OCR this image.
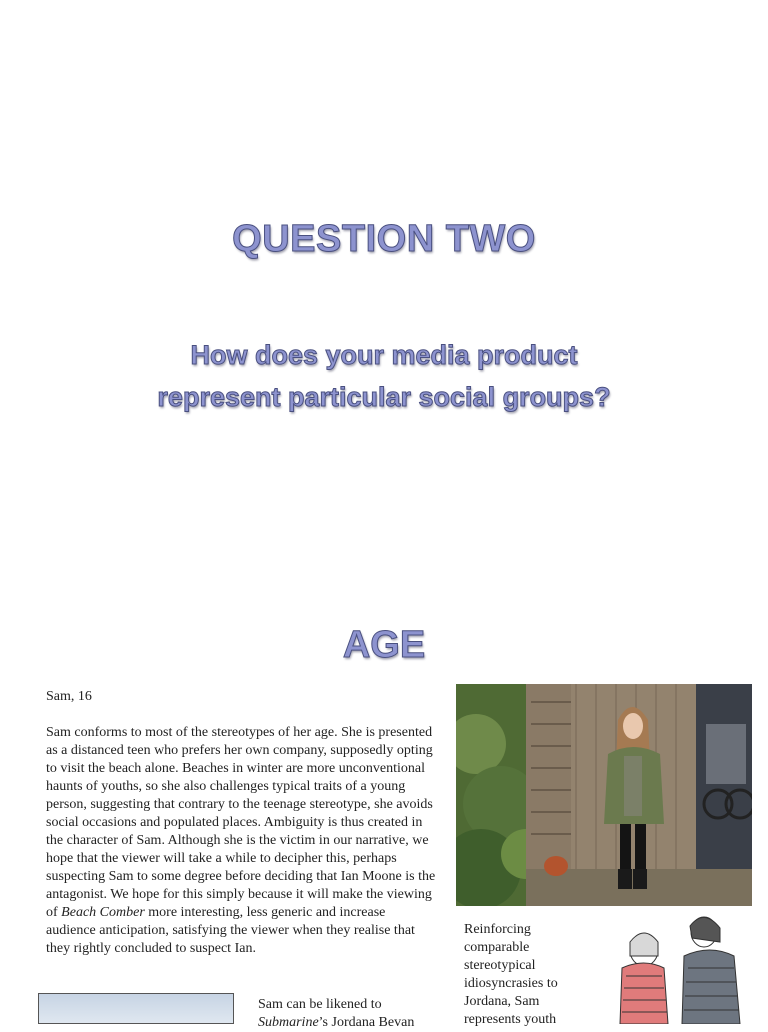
QUESTION TWO
How does your media product
represent particular social groups?
AGE
Sam, 16

Sam conforms to most of the stereotypes of her age. She is presented as a distanced teen who prefers her own company, supposedly opting to visit the beach alone. Beaches in winter are more unconventional haunts of youths, so she also challenges typical traits of a young person, suggesting that contrary to the teenage stereotype, she avoids social occasions and populated places. Ambiguity is thus created in the character of Sam. Although she is the victim in our narrative, we hope that the viewer will take a while to decipher this, perhaps suspecting Sam to some degree before deciding that Ian Moone is the antagonist. We hope for this simply because it will make the viewing of Beach Comber more interesting, less generic and increase audience anticipation, satisfying the viewer when they realise that they rightly concluded to suspect Ian.

Reinforcing comparable stereotypical idiosyncrasies to Jordana, Sam represents youth

Sam can be likened to Submarine’s Jordana Bevan
